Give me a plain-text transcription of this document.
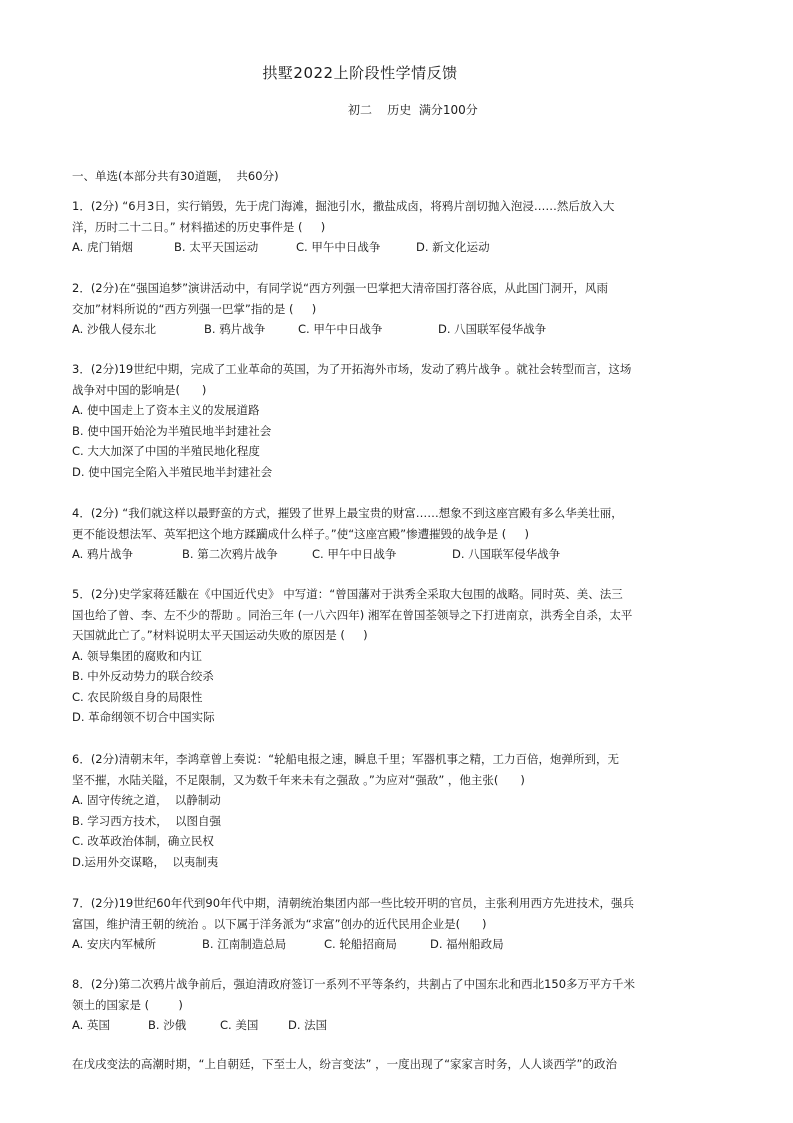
拱墅2022上阶段性学情反馈
初二    历史  满分100分
一、单选(本部分共有30道题，  共60分)
1．(2分) “6月3日，实行销毁，先于虎门海滩，掘池引水，撒盐成卤，将鸦片剖切抛入泡浸……然后放入大
洋，历时二十二日。” 材料描述的历史事件是 (     )
A. 虎门销烟	B. 太平天国运动	C. 甲午中日战争	D. 新文化运动
2．(2分)在“强国追梦”演讲活动中，有同学说“西方列强一巴掌把大清帝国打落谷底，从此国门洞开，风雨
交加”材料所说的“西方列强一巴掌”指的是 (     )
A. 沙俄人侵东北	B. 鸦片战争	C. 甲午中日战争	D. 八国联军侵华战争
3．(2分)19世纪中期，完成了工业革命的英国，为了开拓海外市场，发动了鸦片战争 。就社会转型而言，这场
战争对中国的影响是(      )
A. 使中国走上了资本主义的发展道路
B. 使中国开始沦为半殖民地半封建社会
C. 大大加深了中国的半殖民地化程度
D. 使中国完全陷入半殖民地半封建社会
4．(2分) “我们就这样以最野蛮的方式，摧毁了世界上最宝贵的财富……想象不到这座宫殿有多么华美壮丽，
更不能设想法军、英军把这个地方蹂躏成什么样子。”使“这座宫殿”惨遭摧毁的战争是 (     )
A. 鸦片战争	B. 第二次鸦片战争	C. 甲午中日战争	D. 八国联军侵华战争
5．(2分)史学家蒋廷黻在《中国近代史》 中写道：“曾国藩对于洪秀全采取大包围的战略。同时英、美、法三
国也给了曾、李、左不少的帮助 。同治三年 (一八六四年) 湘军在曾国荃领导之下打进南京，洪秀全自杀，太平
天国就此亡了。”材料说明太平天国运动失败的原因是 (     )
A. 领导集团的腐败和内讧
B. 中外反动势力的联合绞杀
C. 农民阶级自身的局限性
D. 革命纲领不切合中国实际
6．(2分)清朝末年，李鸿章曾上奏说：“轮船电报之速，瞬息千里；军器机事之精，工力百倍，炮弹所到，无
坚不摧，水陆关隘，不足限制，又为数千年来未有之强敌 。”为应对“强敌” ，他主张(      )
A. 固守传统之道，  以静制动
B. 学习西方技术，  以图自强
C. 改革政治体制，确立民权
D.运用外交谋略，  以夷制夷
7．(2分)19世纪60年代到90年代中期，清朝统治集团内部一些比较开明的官员，主张利用西方先进技术，强兵
富国，维护清王朝的统治 。以下属于洋务派为“求富”创办的近代民用企业是(      )
A. 安庆内军械所	B. 江南制造总局	C. 轮船招商局	D. 福州船政局
8．(2分)第二次鸦片战争前后，强迫清政府签订一系列不平等条约，共割占了中国东北和西北150多万平方千米
领土的国家是 (        )
A. 英国	B. 沙俄	C. 美国	D. 法国
在戊戌变法的高潮时期，“上自朝廷，下至士人，纷言变法” ，一度出现了“家家言时务，人人谈西学”的政治
